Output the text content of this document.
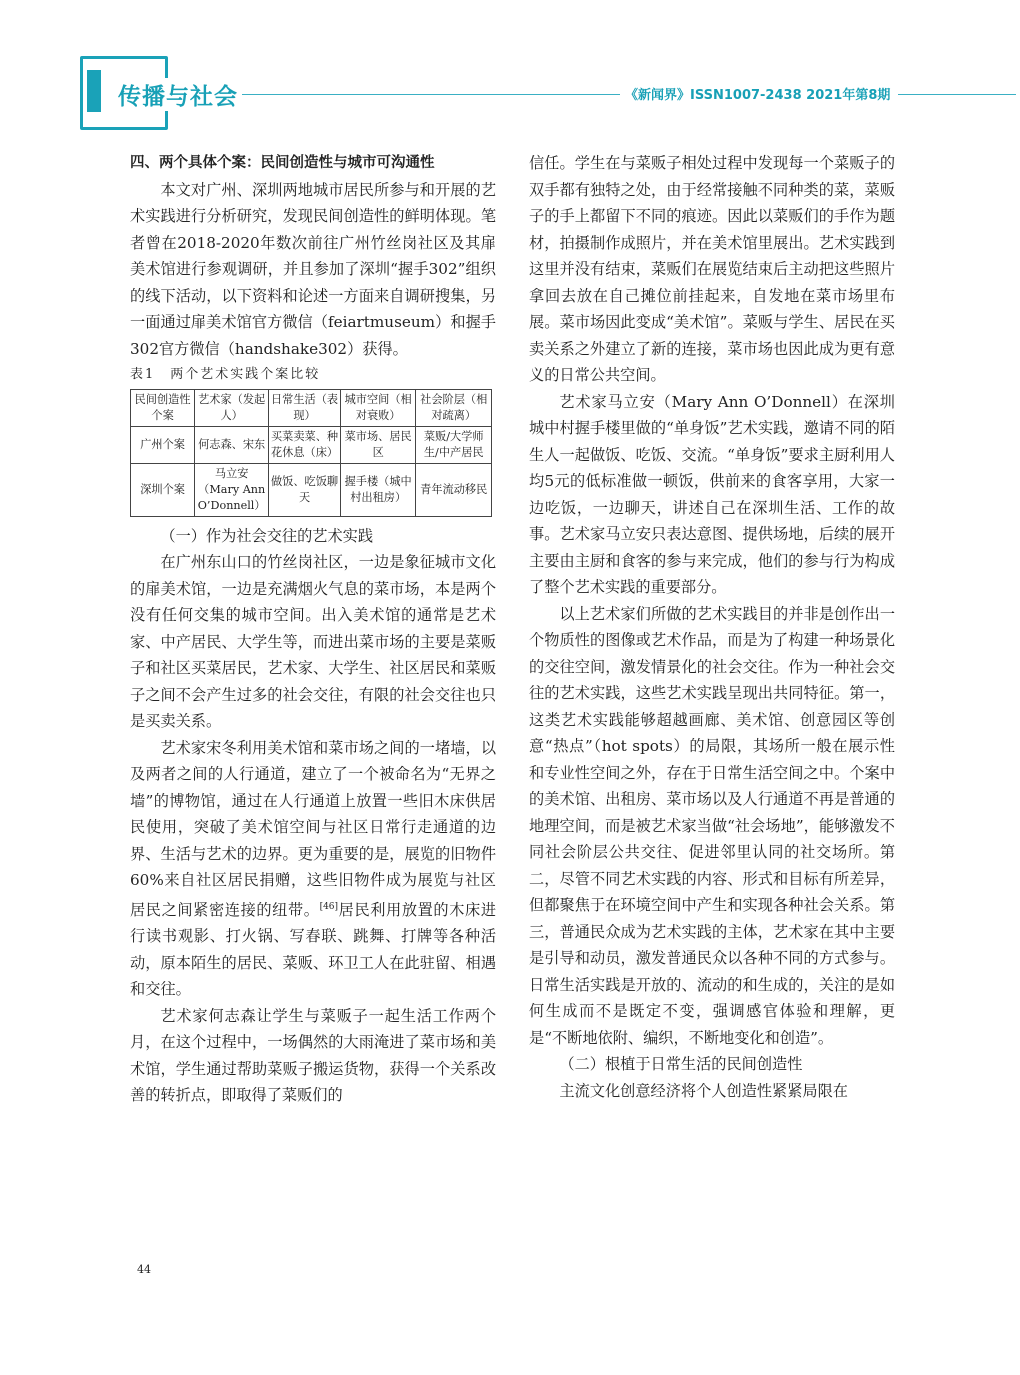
传播与社会	《新闻界》ISSN1007-2438 2021年第8期

四、两个具体个案：民间创造性与城市可沟通性

本文对广州、深圳两地城市居民所参与和开展的艺术实践进行分析研究，发现民间创造性的鲜明体现。笔者曾在2018-2020年数次前往广州竹丝岗社区及其扉美术馆进行参观调研，并且参加了深圳“握手302”组织的线下活动，以下资料和论述一方面来自调研搜集，另一面通过扉美术馆官方微信（feiartmuseum）和握手302官方微信（handshake302）获得。

表1　两个艺术实践个案比较

民间创造性个案	艺术家（发起人）	日常生活（表现）	城市空间（相对衰败）	社会阶层（相对疏离）
广州个案	何志森、宋东	买菜卖菜、种花休息（床）	菜市场、居民区	菜贩/大学师生/中产居民
深圳个案	马立安（Mary Ann O’Donnell）	做饭、吃饭聊天	握手楼（城中村出租房）	青年流动移民

（一）作为社会交往的艺术实践

在广州东山口的竹丝岗社区，一边是象征城市文化的扉美术馆，一边是充满烟火气息的菜市场，本是两个没有任何交集的城市空间。出入美术馆的通常是艺术家、中产居民、大学生等，而进出菜市场的主要是菜贩子和社区买菜居民，艺术家、大学生、社区居民和菜贩子之间不会产生过多的社会交往，有限的社会交往也只是买卖关系。

艺术家宋冬利用美术馆和菜市场之间的一堵墙，以及两者之间的人行通道，建立了一个被命名为“无界之墙”的博物馆，通过在人行通道上放置一些旧木床供居民使用，突破了美术馆空间与社区日常行走通道的边界、生活与艺术的边界。更为重要的是，展览的旧物件60%来自社区居民捐赠，这些旧物件成为展览与社区居民之间紧密连接的纽带。[46]居民利用放置的木床进行读书观影、打火锅、写春联、跳舞、打牌等各种活动，原本陌生的居民、菜贩、环卫工人在此驻留、相遇和交往。

艺术家何志森让学生与菜贩子一起生活工作两个月，在这个过程中，一场偶然的大雨淹进了菜市场和美术馆，学生通过帮助菜贩子搬运货物，获得一个关系改善的转折点，即取得了菜贩们的

信任。学生在与菜贩子相处过程中发现每一个菜贩子的双手都有独特之处，由于经常接触不同种类的菜，菜贩子的手上都留下不同的痕迹。因此以菜贩们的手作为题材，拍摄制作成照片，并在美术馆里展出。艺术实践到这里并没有结束，菜贩们在展览结束后主动把这些照片拿回去放在自己摊位前挂起来，自发地在菜市场里布展。菜市场因此变成“美术馆”。菜贩与学生、居民在买卖关系之外建立了新的连接，菜市场也因此成为更有意义的日常公共空间。

艺术家马立安（Mary Ann O’Donnell）在深圳城中村握手楼里做的“单身饭”艺术实践，邀请不同的陌生人一起做饭、吃饭、交流。“单身饭”要求主厨利用人均5元的低标准做一顿饭，供前来的食客享用，大家一边吃饭，一边聊天，讲述自己在深圳生活、工作的故事。艺术家马立安只表达意图、提供场地，后续的展开主要由主厨和食客的参与来完成，他们的参与行为构成了整个艺术实践的重要部分。

以上艺术家们所做的艺术实践目的并非是创作出一个物质性的图像或艺术作品，而是为了构建一种场景化的交往空间，激发情景化的社会交往。作为一种社会交往的艺术实践，这些艺术实践呈现出共同特征。第一，这类艺术实践能够超越画廊、美术馆、创意园区等创意“热点”（hot spots）的局限，其场所一般在展示性和专业性空间之外，存在于日常生活空间之中。个案中的美术馆、出租房、菜市场以及人行通道不再是普通的地理空间，而是被艺术家当做“社会场地”，能够激发不同社会阶层公共交往、促进邻里认同的社交场所。第二，尽管不同艺术实践的内容、形式和目标有所差异，但都聚焦于在环境空间中产生和实现各种社会关系。第三，普通民众成为艺术实践的主体，艺术家在其中主要是引导和动员，激发普通民众以各种不同的方式参与。日常生活实践是开放的、流动的和生成的，关注的是如何生成而不是既定不变，强调感官体验和理解，更是“不断地依附、编织，不断地变化和创造”。

（二）根植于日常生活的民间创造性

主流文化创意经济将个人创造性紧紧局限在

44
